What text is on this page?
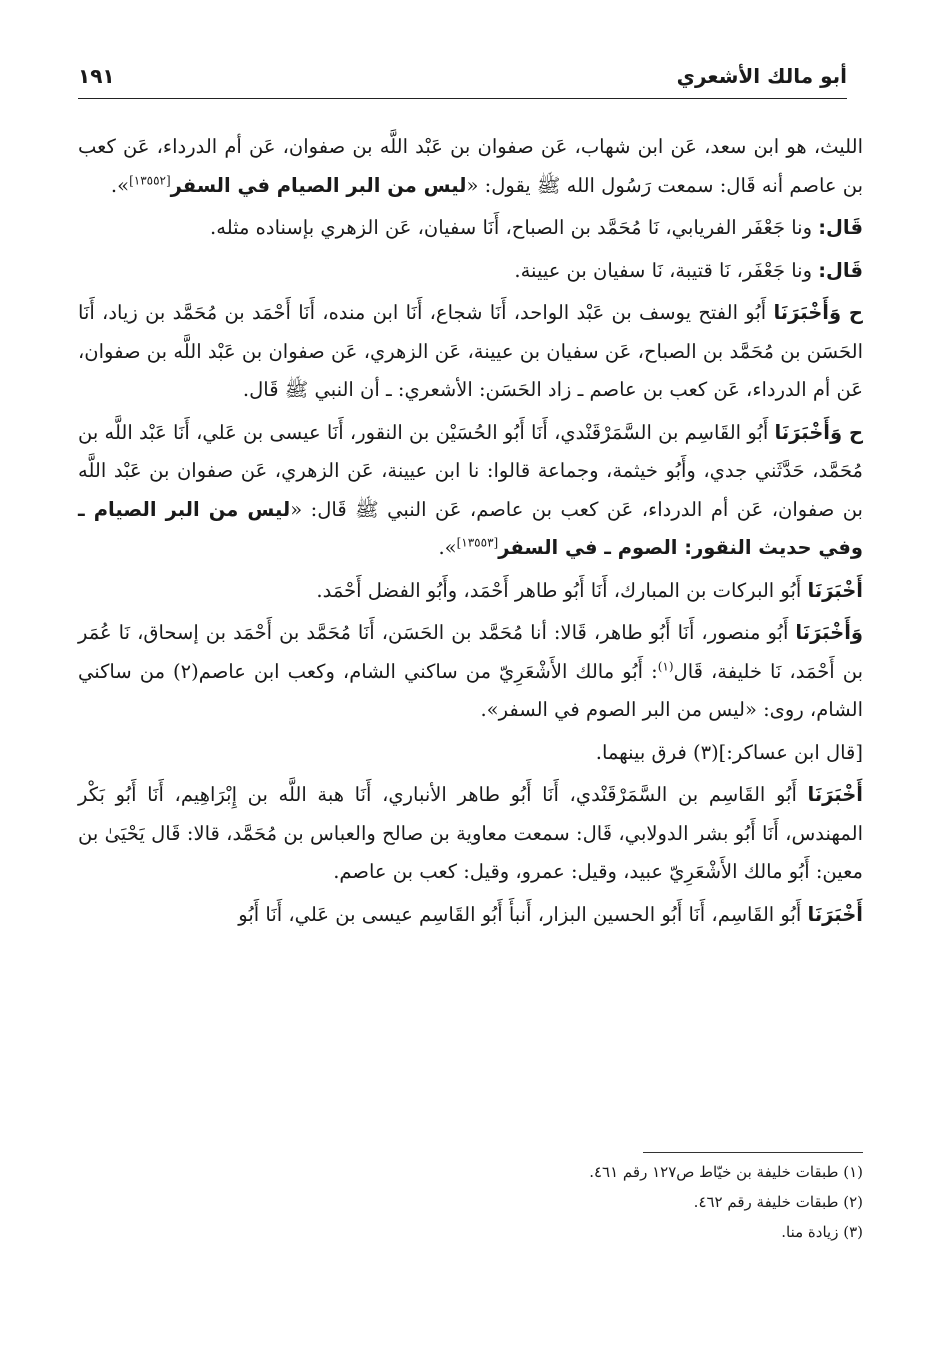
أبو مالك الأشعري
١٩١

الليث، هو ابن سعد، عَن ابن شهاب، عَن صفوان بن عَبْد اللَّه بن صفوان، عَن أم الدرداء، عَن كعب بن عاصم أنه قَال: سمعت رَسُول الله ﷺ يقول: «ليس من البر الصيام في السفر[١٣٥٥٢]».

قَال: ونا جَعْفَر الفريابي، نَا مُحَمَّد بن الصباح، أَنَا سفيان، عَن الزهري بإسناده مثله.

قَال: ونا جَعْفَر، نَا قتيبة، نَا سفيان بن عيينة.

ح وَأَخْبَرَنَا أَبُو الفتح يوسف بن عَبْد الواحد، أَنَا شجاع، أَنَا ابن منده، أَنَا أَحْمَد بن مُحَمَّد بن زياد، أَنَا الحَسَن بن مُحَمَّد بن الصباح، عَن سفيان بن عيينة، عَن الزهري، عَن صفوان بن عَبْد اللَّه بن صفوان، عَن أم الدرداء، عَن كعب بن عاصم ـ زاد الحَسَن: الأشعري: ـ أن النبي ﷺ قَال.

ح وَأَخْبَرَنَا أَبُو القَاسِم بن السَّمَرْقَنْدي، أَنَا أَبُو الحُسَيْن بن النقور، أَنَا عيسى بن عَلي، أَنَا عَبْد اللَّه بن مُحَمَّد، حَدَّثَني جدي، وأَبُو خيثمة، وجماعة قالوا: نا ابن عيينة، عَن الزهري، عَن صفوان بن عَبْد اللَّه بن صفوان، عَن أم الدرداء، عَن كعب بن عاصم، عَن النبي ﷺ قَال: «ليس من البر الصيام ـ وفي حديث النقور: الصوم ـ في السفر[١٣٥٥٣]».

أَخْبَرَنَا أَبُو البركات بن المبارك، أَنَا أَبُو طاهر أَحْمَد، وأَبُو الفضل أَحْمَد.

وَأَخْبَرَنَا أَبُو منصور، أَنَا أَبُو طاهر، قَالا: أنا مُحَمَّد بن الحَسَن، أَنَا مُحَمَّد بن أَحْمَد بن إسحاق، نَا عُمَر بن أَحْمَد، نَا خليفة، قَال$^{(١)}$: أَبُو مالك الأَشْعَرِيّ من ساكني الشام، وكعب ابن عاصم(٢) من ساكني الشام، روى: «ليس من البر الصوم في السفر».

[قال ابن عساكر:](٣) فرق بينهما.

أَخْبَرَنَا أَبُو القَاسِم بن السَّمَرْقَنْدي، أَنَا أَبُو طاهر الأنباري، أَنَا هبة اللَّه بن إِبْرَاهِيم، أَنَا أَبُو بَكْر المهندس، أَنَا أَبُو بشر الدولابي، قَال: سمعت معاوية بن صالح والعباس بن مُحَمَّد، قالا: قَال يَحْيَىٰ بن معين: أَبُو مالك الأَشْعَرِيّ عبيد، وقيل: عمرو، وقيل: كعب بن عاصم.

أَخْبَرَنَا أَبُو القَاسِم، أَنَا أَبُو الحسين البزار، أَنبأَ أَبُو القَاسِم عيسى بن عَلي، أَنَا أَبُو

(١) طبقات خليفة بن خيّاط ص١٢٧ رقم ٤٦١.

(٢) طبقات خليفة رقم ٤٦٢.

(٣) زيادة منا.
